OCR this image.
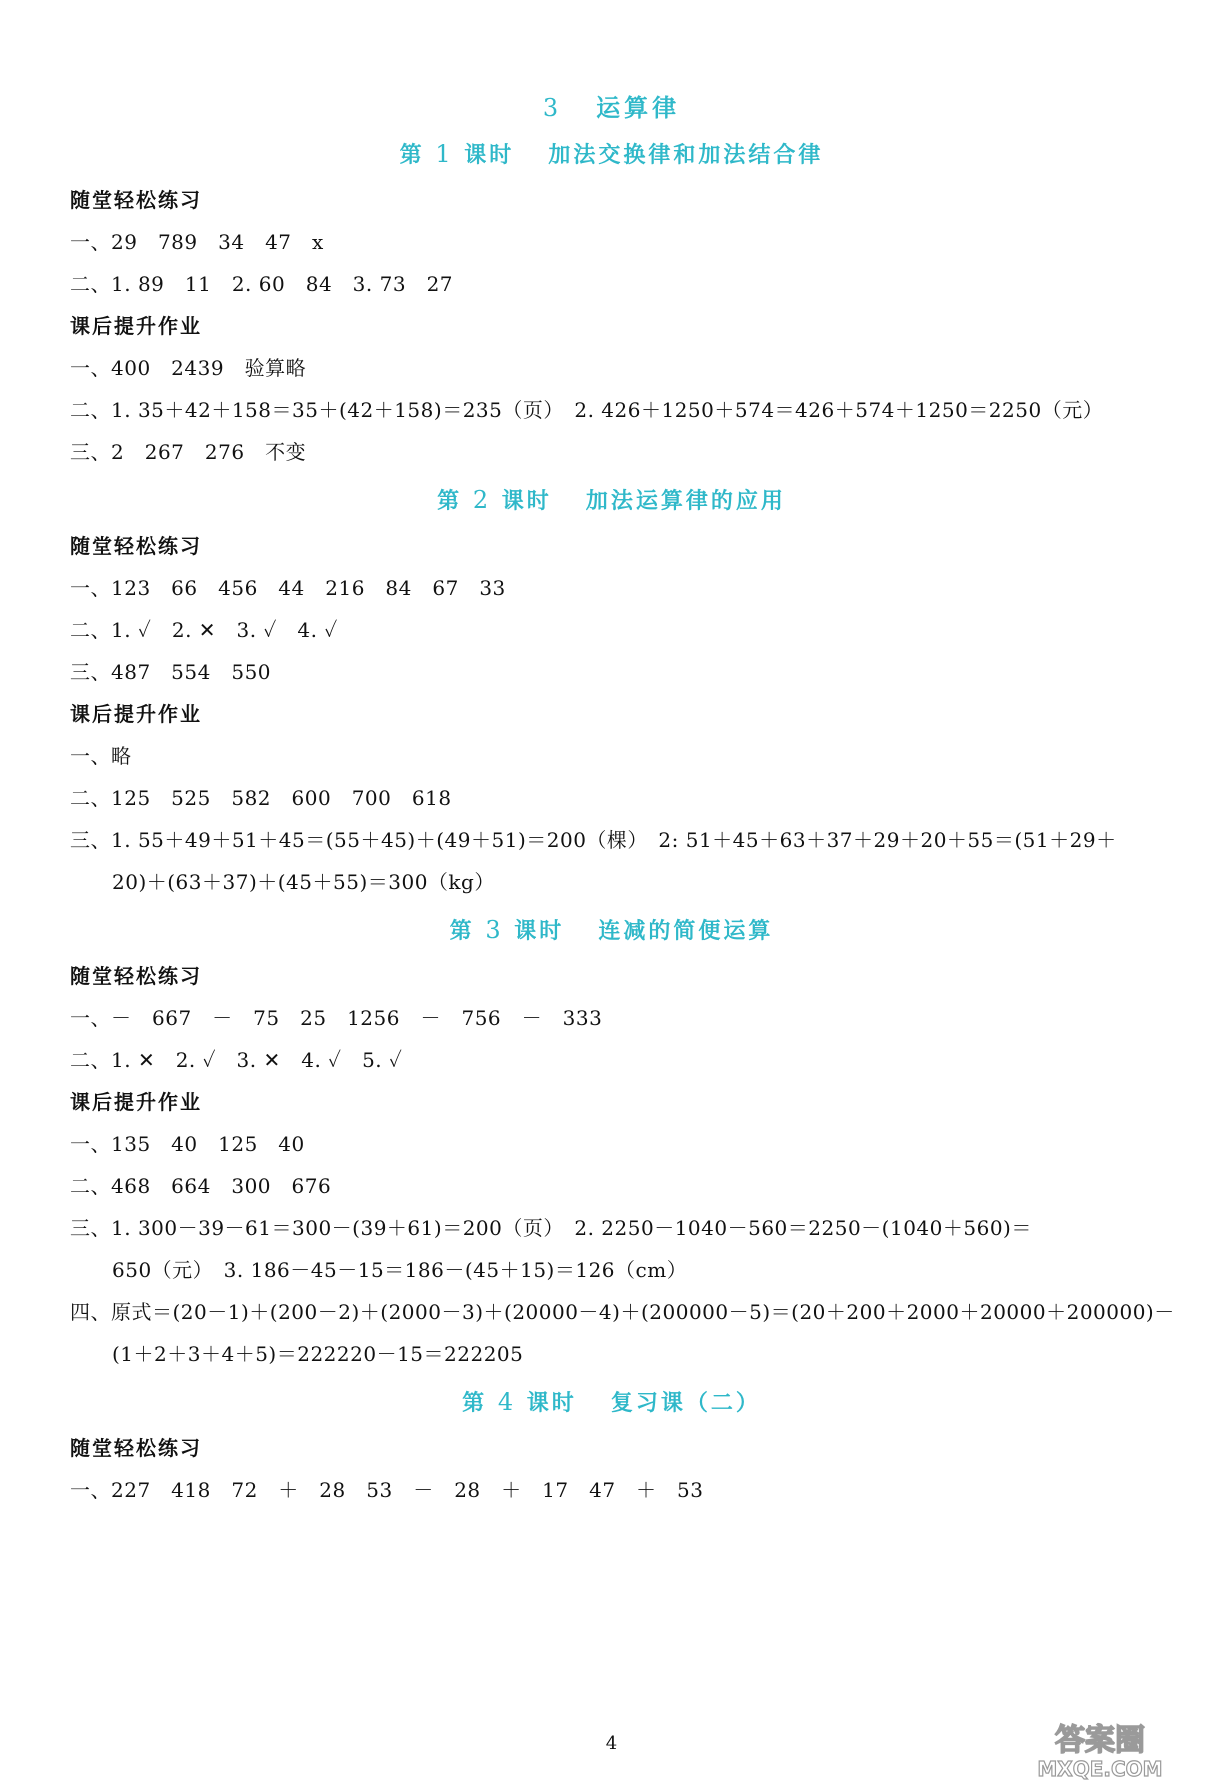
3 运算律
第 1 课时 加法交换律和加法结合律
随堂轻松练习
一、29　789　34　47　x
二、1. 89　11　2. 60　84　3. 73　27
课后提升作业
一、400　2439　验算略
二、1. 35＋42＋158＝35＋(42＋158)＝235（页）　2. 426＋1250＋574＝426＋574＋1250＝2250（元）
三、2　267　276　不变
第 2 课时 加法运算律的应用
随堂轻松练习
一、123　66　456　44　216　84　67　33
二、1. ✓　2. ✕　3. ✓　4. ✓
三、487　554　550
课后提升作业
一、略
二、125　525　582　600　700　618
三、1. 55＋49＋51＋45＝(55＋45)＋(49＋51)＝200（棵）　2: 51＋45＋63＋37＋29＋20＋55＝(51＋29＋
20)＋(63＋37)＋(45＋55)＝300（kg）
第 3 课时 连减的简便运算
随堂轻松练习
一、－　667　－　75　25　1256　－　756　－　333
二、1. ✕　2. ✓　3. ✕　4. ✓　5. ✓
课后提升作业
一、135　40　125　40
二、468　664　300　676
三、1. 300－39－61＝300－(39＋61)＝200（页）　2. 2250－1040－560＝2250－(1040＋560)＝
650（元）　3. 186－45－15＝186－(45＋15)＝126（cm）
四、原式＝(20－1)＋(200－2)＋(2000－3)＋(20000－4)＋(200000－5)＝(20＋200＋2000＋20000＋200000)－
(1＋2＋3＋4＋5)＝222220－15＝222205
第 4 课时 复习课（二）
随堂轻松练习
一、227　418　72　＋　28　53　－　28　＋　17　47　＋　53
4	答案圈
MXQE.COM
